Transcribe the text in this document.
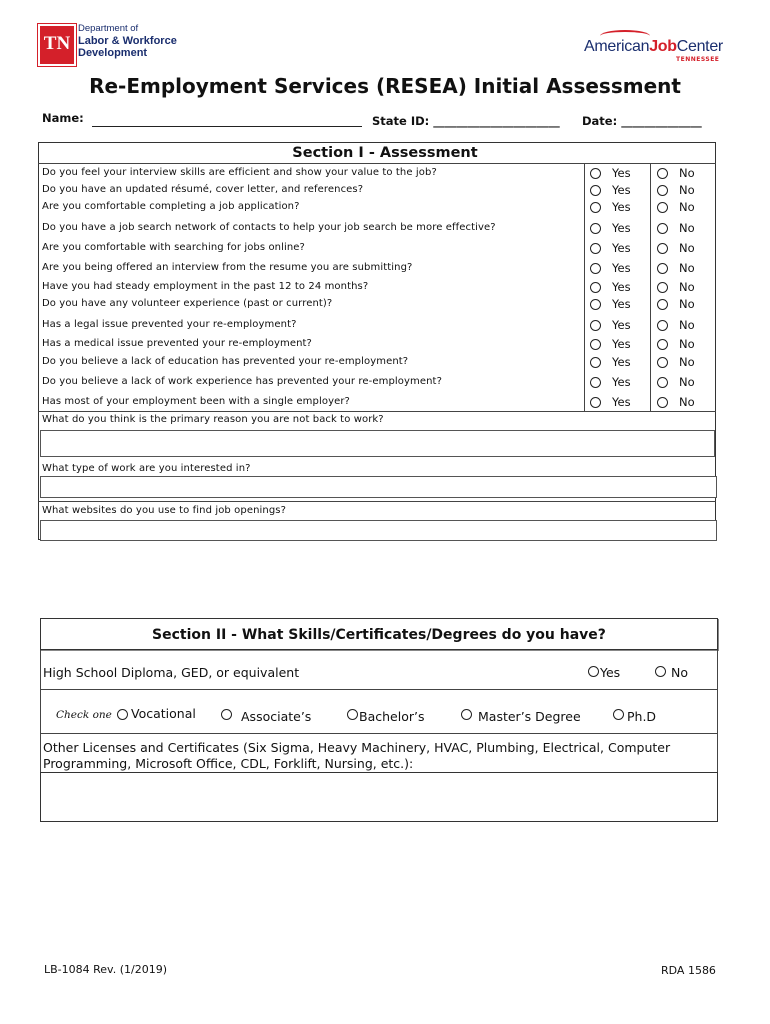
TN
Department of
Labor & Workforce
Development	AmericanJobCenter
TENNESSEE
Re-Employment Services (RESEA) Initial Assessment
Name:	State ID: ______________________ Date: ______________
Section I - Assessment
Do you feel your interview skills are efficient and show your value to the job?	Yes	No
Do you have an updated résumé, cover letter, and references?	Yes	No
Are you comfortable completing a job application?	Yes	No
Do you have a job search network of contacts to help your job search be more effective?	Yes	No
Are you comfortable with searching for jobs online?	Yes	No
Are you being offered an interview from the resume you are submitting?	Yes	No
Have you had steady employment in the past 12 to 24 months?	Yes	No
Do you have any volunteer experience (past or current)?	Yes	No
Has a legal issue prevented your re-employment?	Yes	No
Has a medical issue prevented your re-employment?	Yes	No
Do you believe a lack of education has prevented your re-employment?	Yes	No
Do you believe a lack of work experience has prevented your re-employment?	Yes	No
Has most of your employment been with a single employer?	Yes	No
What do you think is the primary reason you are not back to work?
What type of work are you interested in?
What websites do you use to find job openings?
Section II - What Skills/Certificates/Degrees do you have?
High School Diploma, GED, or equivalent	Yes	No
Check one Vocational	Associate’s	Bachelor’s	Master’s Degree	Ph.D
Other Licenses and Certificates (Six Sigma, Heavy Machinery, HVAC, Plumbing, Electrical, Computer
Programming, Microsoft Office, CDL, Forklift, Nursing, etc.):
LB-1084 Rev. (1/2019)	RDA 1586
